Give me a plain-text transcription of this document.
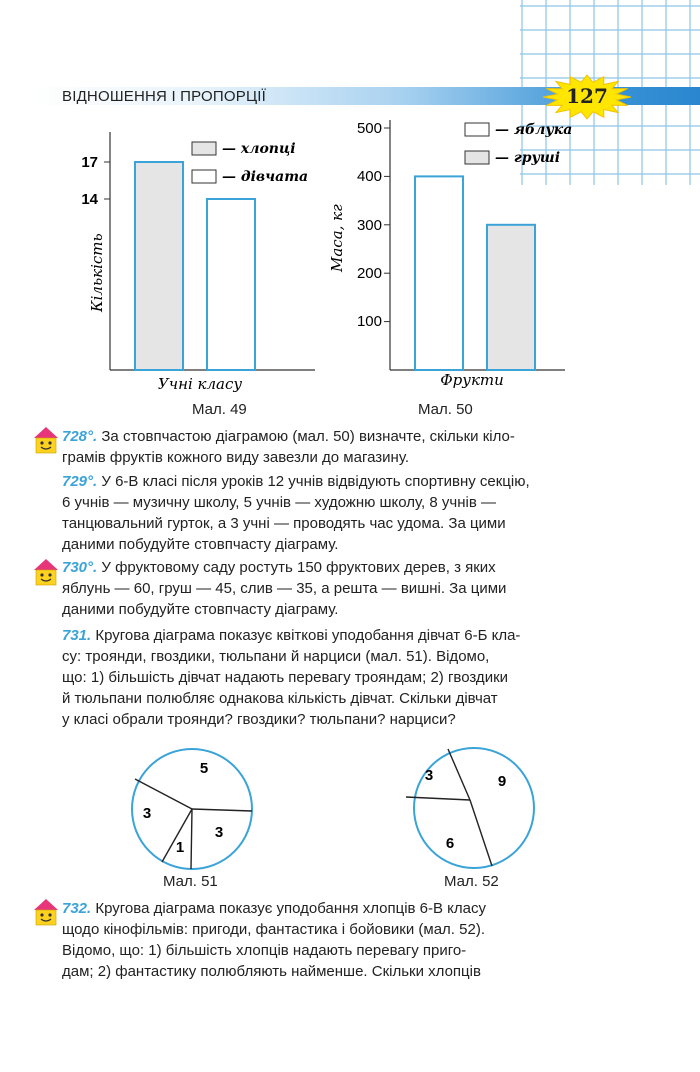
ВІДНОШЕННЯ І ПРОПОРЦІЇ	127
17
14
Кількість
Учні класу
— хлопці
— дівчата
Мал. 49
500
400
300
200
100
Маса, кг
Фрукти
— яблука
— груші
Мал. 50
728°. За стовпчастою діаграмою (мал. 50) визначте, скільки кіло-
грамів фруктів кожного виду завезли до магазину.
729°. У 6-В класі після уроків 12 учнів відвідують спортивну секцію,
6 учнів — музичну школу, 5 учнів — художню школу, 8 учнів —
танцювальний гурток, а 3 учні — проводять час удома. За цими
даними побудуйте стовпчасту діаграму.
730°. У фруктовому саду ростуть 150 фруктових дерев, з яких
яблунь — 60, груш — 45, слив — 35, а решта — вишні. За цими
даними побудуйте стовпчасту діаграму.
731. Кругова діаграма показує квіткові уподобання дівчат 6-Б кла-
су: троянди, гвоздики, тюльпани й нарциси (мал. 51). Відомо,
що: 1) більшість дівчат надають перевагу трояндам; 2) гвоздики
й тюльпани полюбляє однакова кількість дівчат. Скільки дівчат
у класі обрали троянди? гвоздики? тюльпани? нарциси?
5
3
1
3
Мал. 51
3	9
6
Мал. 52
732. Кругова діаграма показує уподобання хлопців 6-В класу
щодо кінофільмів: пригоди, фантастика і бойовики (мал. 52).
Відомо, що: 1) більшість хлопців надають перевагу приго-
дам; 2) фантастику полюбляють найменше. Скільки хлопців
